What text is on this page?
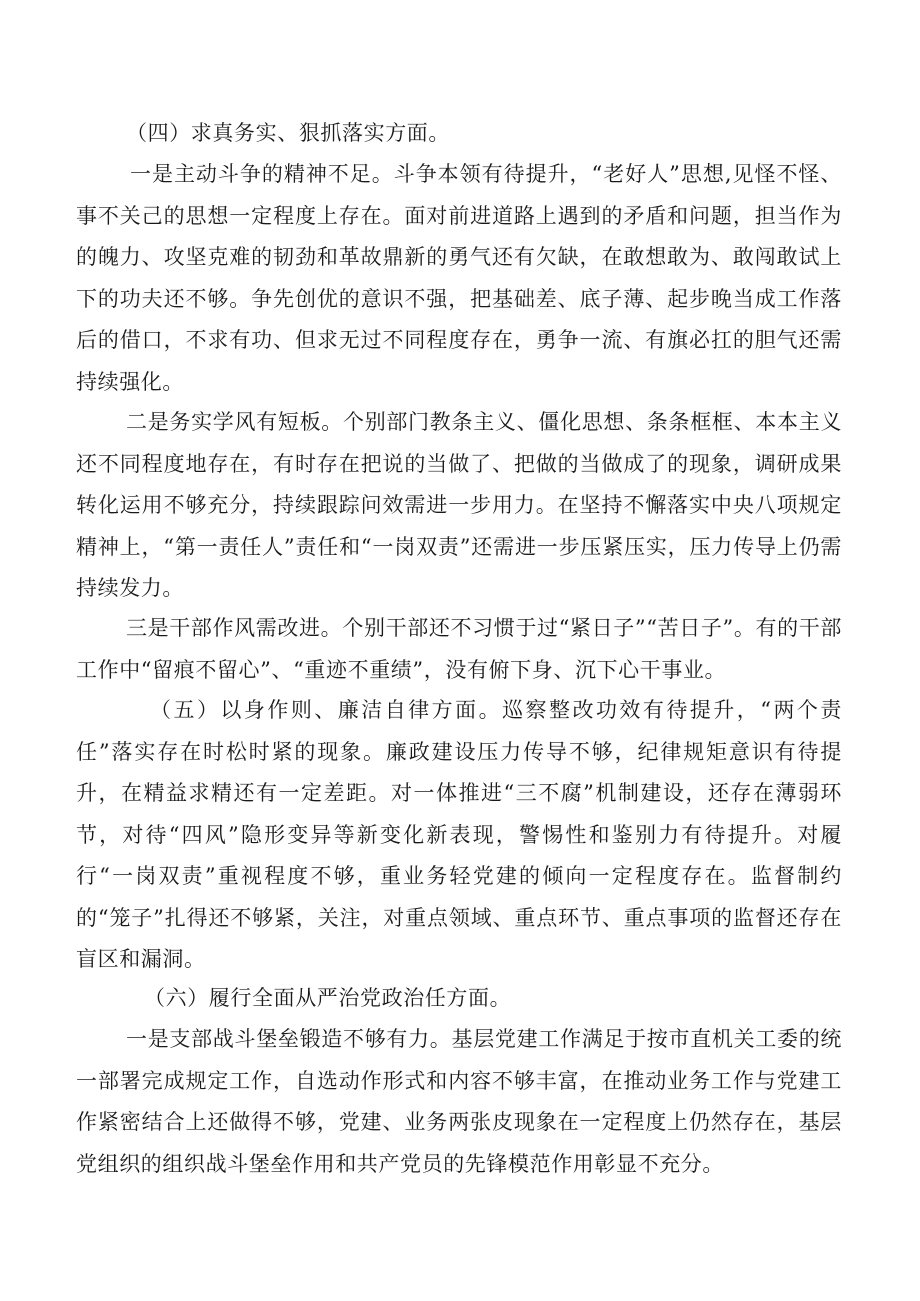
（四）求真务实、狠抓落实方面。

一是主动斗争的精神不足。斗争本领有待提升，“老好人”思想,见怪不怪、事不关己的思想一定程度上存在。面对前进道路上遇到的矛盾和问题，担当作为的魄力、攻坚克难的韧劲和革故鼎新的勇气还有欠缺，在敢想敢为、敢闯敢试上下的功夫还不够。争先创优的意识不强，把基础差、底子薄、起步晚当成工作落后的借口，不求有功、但求无过不同程度存在，勇争一流、有旗必扛的胆气还需持续强化。

二是务实学风有短板。个别部门教条主义、僵化思想、条条框框、本本主义还不同程度地存在，有时存在把说的当做了、把做的当做成了的现象，调研成果转化运用不够充分，持续跟踪问效需进一步用力。在坚持不懈落实中央八项规定精神上，“第一责任人”责任和“一岗双责”还需进一步压紧压实，压力传导上仍需持续发力。

三是干部作风需改进。个别干部还不习惯于过“紧日子”“苦日子”。有的干部工作中“留痕不留心”、“重迹不重绩”，没有俯下身、沉下心干事业。

（五）以身作则、廉洁自律方面。巡察整改功效有待提升，“两个责任”落实存在时松时紧的现象。廉政建设压力传导不够，纪律规矩意识有待提升，在精益求精还有一定差距。对一体推进“三不腐”机制建设，还存在薄弱环节，对待“四风”隐形变异等新变化新表现，警惕性和鉴别力有待提升。对履行“一岗双责”重视程度不够，重业务轻党建的倾向一定程度存在。监督制约的“笼子”扎得还不够紧，关注，对重点领域、重点环节、重点事项的监督还存在盲区和漏洞。

（六）履行全面从严治党政治任方面。

一是支部战斗堡垒锻造不够有力。基层党建工作满足于按市直机关工委的统一部署完成规定工作，自选动作形式和内容不够丰富，在推动业务工作与党建工作紧密结合上还做得不够，党建、业务两张皮现象在一定程度上仍然存在，基层党组织的组织战斗堡垒作用和共产党员的先锋模范作用彰显不充分。
